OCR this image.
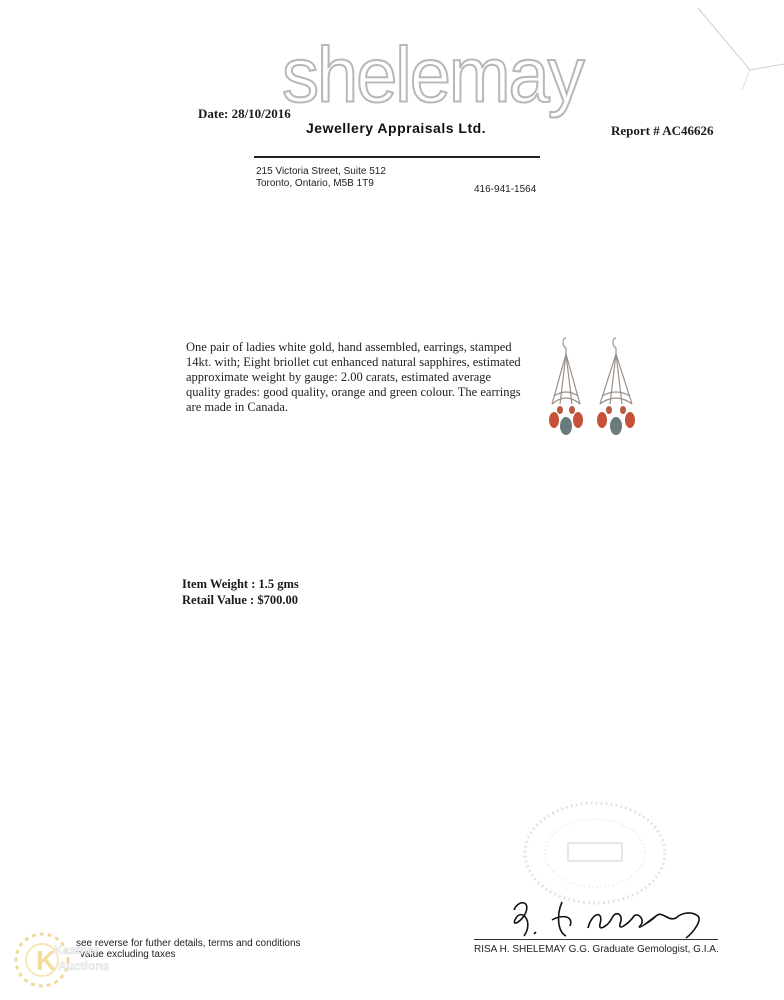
shelemay
Jewellery Appraisals Ltd.
Date: 28/10/2016
Report # AC46626
215 Victoria Street, Suite 512
Toronto, Ontario, M5B 1T9
416-941-1564
One pair of ladies white gold, hand assembled, earrings, stamped 14kt. with; Eight briollet cut enhanced natural sapphires, estimated approximate weight by gauge: 2.00 carats, estimated average quality grades: good quality, orange and green colour. The earrings are made in Canada.
Item Weight : 1.5 gms
Retail Value : $700.00
RISA H. SHELEMAY G.G. Graduate Gemologist, G.I.A.
see reverse for futher details, terms and conditions
*value excluding taxes
K
Kastner
Auctions
